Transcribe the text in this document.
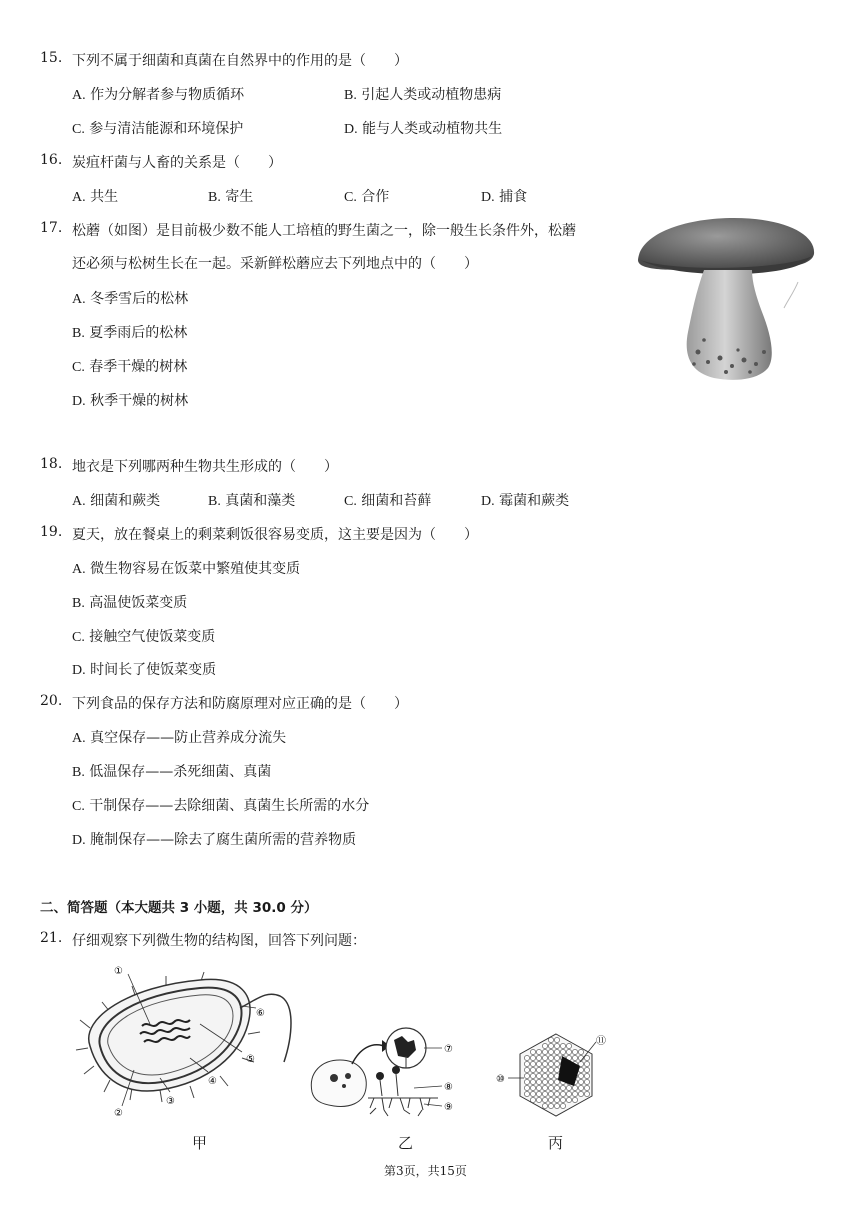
15. 下列不属于细菌和真菌在自然界中的作用的是（　　）
A. 作为分解者参与物质循环	B. 引起人类或动植物患病
C. 参与清洁能源和环境保护	D. 能与人类或动植物共生
16. 炭疽杆菌与人畜的关系是（　　）
A. 共生	B. 寄生	C. 合作	D. 捕食
17. 松蘑（如图）是目前极少数不能人工培植的野生菌之一，除一般生长条件外，松蘑
还必须与松树生长在一起。采新鲜松蘑应去下列地点中的（　　）
A. 冬季雪后的松林
B. 夏季雨后的松林
C. 春季干燥的树林
D. 秋季干燥的树林
18. 地衣是下列哪两种生物共生形成的（　　）
A. 细菌和蕨类	B. 真菌和藻类	C. 细菌和苔藓	D. 霉菌和蕨类
19. 夏天，放在餐桌上的剩菜剩饭很容易变质，这主要是因为（　　）
A. 微生物容易在饭菜中繁殖使其变质
B. 高温使饭菜变质
C. 接触空气使饭菜变质
D. 时间长了使饭菜变质
20. 下列食品的保存方法和防腐原理对应正确的是（　　）
A. 真空保存——防止营养成分流失
B. 低温保存——杀死细菌、真菌
C. 干制保存——去除细菌、真菌生长所需的水分
D. 腌制保存——除去了腐生菌所需的营养物质
二、简答题（本大题共 3 小题，共 30.0 分）
21. 仔细观察下列微生物的结构图，回答下列问题：
①
②
③
④
⑤
⑥
⑦
⑧
⑨
⑪
⑩
甲	乙	丙
第3页，共15页
